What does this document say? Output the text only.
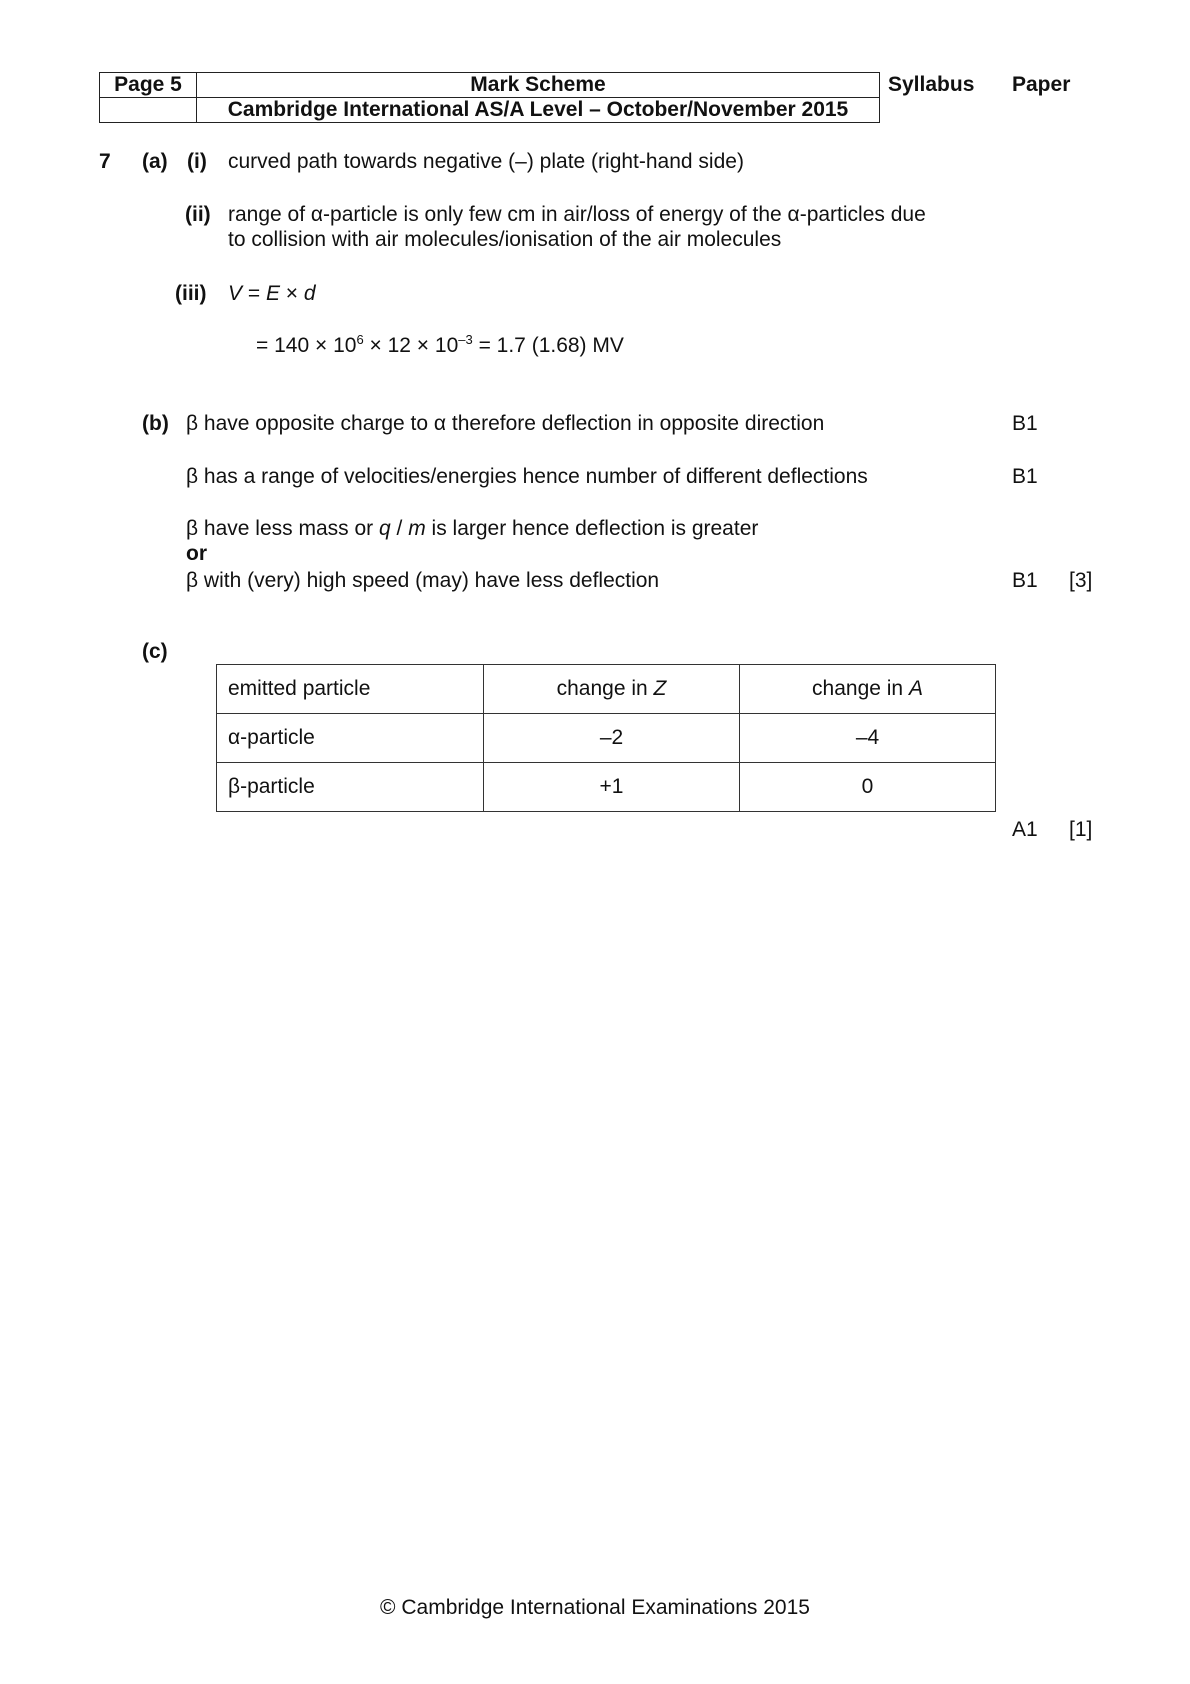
Page 5	Mark Scheme
	Cambridge International AS/A Level – October/November 2015
Syllabus Paper
7 (a) (i) curved path towards negative (–) plate (right-hand side)
(ii) range of α-particle is only few cm in air/loss of energy of the α-particles due
to collision with air molecules/ionisation of the air molecules
(iii) V = E × d
= $140 \times 10^6 \times 12 \times 10^{-3} = 1.7$ (1.68) MV
(b) β have opposite charge to α therefore deflection in opposite direction	B1
β has a range of velocities/energies hence number of different deflections	B1
β have less mass or q / m is larger hence deflection is greater
or
β with (very) high speed (may) have less deflection	B1 [3]
(c)
emitted particle	change in Z	change in A
α-particle	–2	–4
β-particle	+1	0
A1 [1]
© Cambridge International Examinations 2015
